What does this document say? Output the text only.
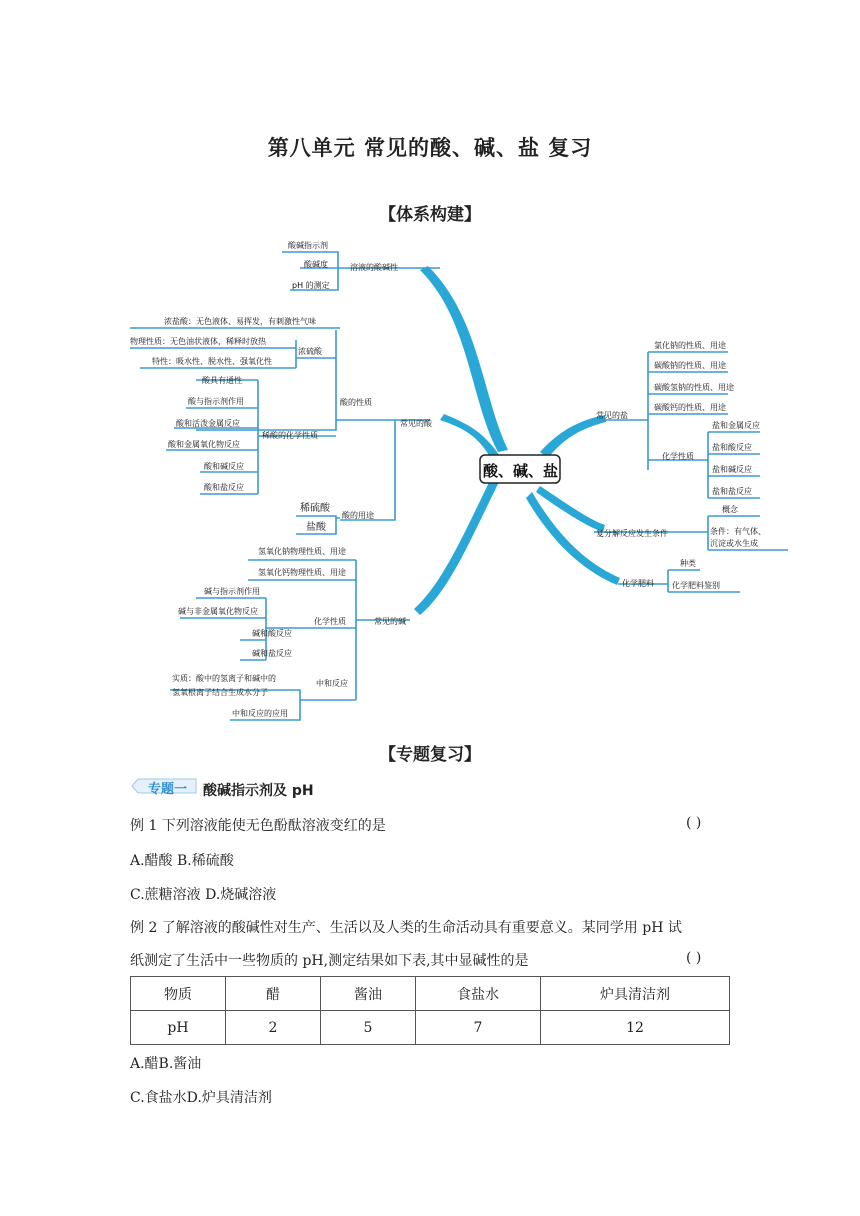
第八单元 常见的酸、碱、盐 复习
【体系构建】
酸、碱、盐
酸碱指示剂
酸碱度
pH 的测定
溶液的酸碱性
浓盐酸：无色液体、易挥发，有刺激性气味
物理性质：无色油状液体，稀释时放热
特性：吸水性、脱水性、强氧化性
浓硫酸
酸的性质
酸具有通性
酸与指示剂作用
酸和活泼金属反应
酸和金属氧化物反应
酸和碱反应
酸和盐反应
稀酸的化学性质
常见的酸
稀硫酸
盐酸
酸的用途
氢氧化钠物理性质、用途
氢氧化钙物理性质、用途
碱与指示剂作用
碱与非金属氧化物反应
碱和酸反应
碱和盐反应
化学性质	常见的碱
实质：酸中的氢离子和碱中的
氢氧根离子结合生成水分子
中和反应
中和反应的应用
氯化钠的性质、用途
碳酸钠的性质、用途
碳酸氢钠的性质、用途
碳酸钙的性质、用途
常见的盐
化学性质
盐和金属反应
盐和酸反应
盐和碱反应
盐和盐反应
复分解反应发生条件
概念
条件：有气体、
沉淀或水生成
化学肥料
种类
化学肥料鉴别
【专题复习】
专题一 酸碱指示剂及 pH
例 1 下列溶液能使无色酚酞溶液变红的是	( )
A.醋酸 B.稀硫酸
C.蔗糖溶液 D.烧碱溶液
例 2 了解溶液的酸碱性对生产、生活以及人类的生命活动具有重要意义。某同学用 pH 试
纸测定了生活中一些物质的 pH,测定结果如下表,其中显碱性的是	( )
物质	醋	酱油	食盐水	炉具清洁剂
pH	2	5	7	12
A.醋B.酱油
C.食盐水D.炉具清洁剂
